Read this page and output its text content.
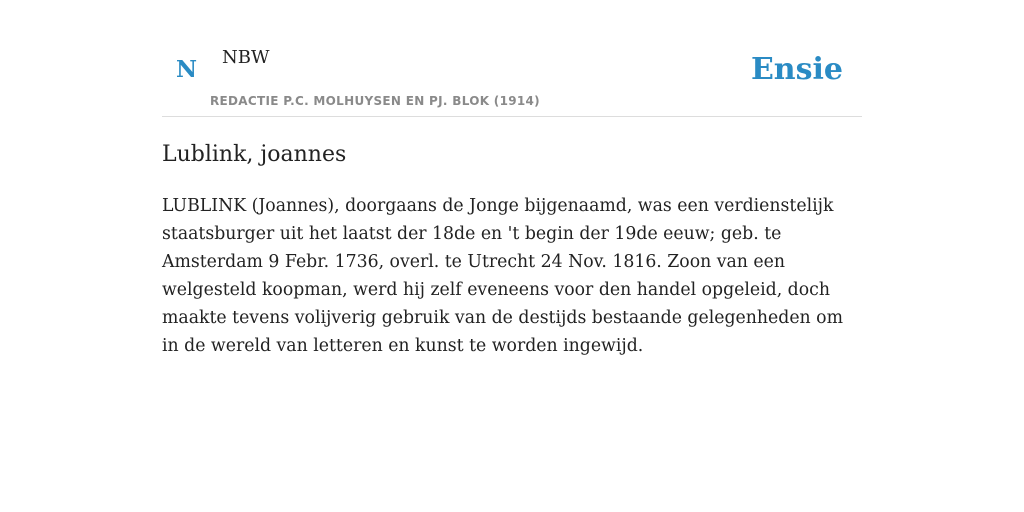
N NBW
REDACTIE P.C. MOLHUYSEN EN PJ. BLOK (1914)
Ensie
Lublink, joannes

LUBLINK (Joannes), doorgaans de Jonge bijgenaamd, was een verdienstelijk staatsburger uit het laatst der 18de en 't begin der 19de eeuw; geb. te Amsterdam 9 Febr. 1736, overl. te Utrecht 24 Nov. 1816. Zoon van een welgesteld koopman, werd hij zelf eveneens voor den handel opgeleid, doch maakte tevens volijverig gebruik van de destijds bestaande gelegenheden om in de wereld van letteren en kunst te worden ingewijd.
